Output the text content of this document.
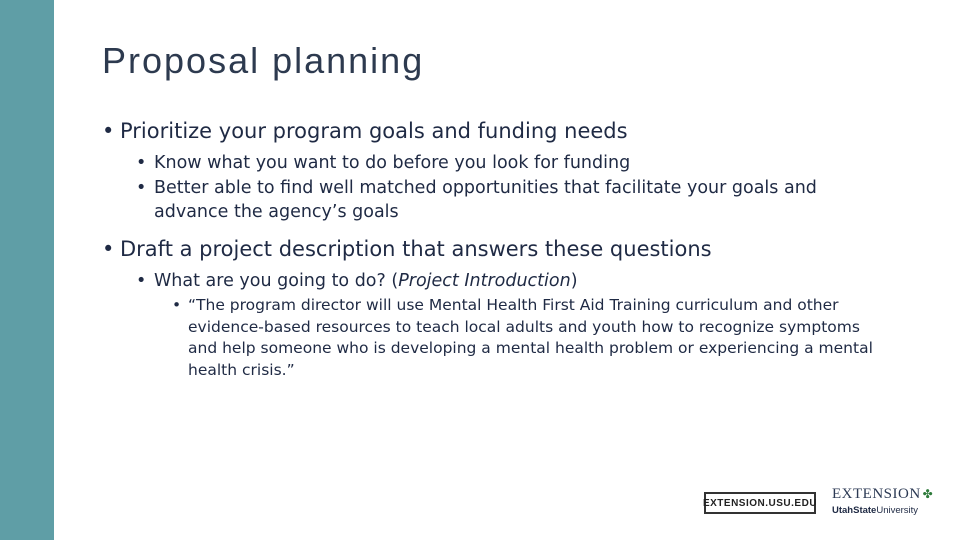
Proposal planning
• Prioritize your program goals and funding needs
• Know what you want to do before you look for funding
• Better able to find well matched opportunities that facilitate your goals and advance the agency’s goals
• Draft a project description that answers these questions
• What are you going to do? (Project Introduction)
• “The program director will use Mental Health First Aid Training curriculum and other evidence-based resources to teach local adults and youth how to recognize symptoms and help someone who is developing a mental health problem or experiencing a mental health crisis.”
EXTENSION.USU.EDU
EXTENSION ✤
UtahStateUniversity
